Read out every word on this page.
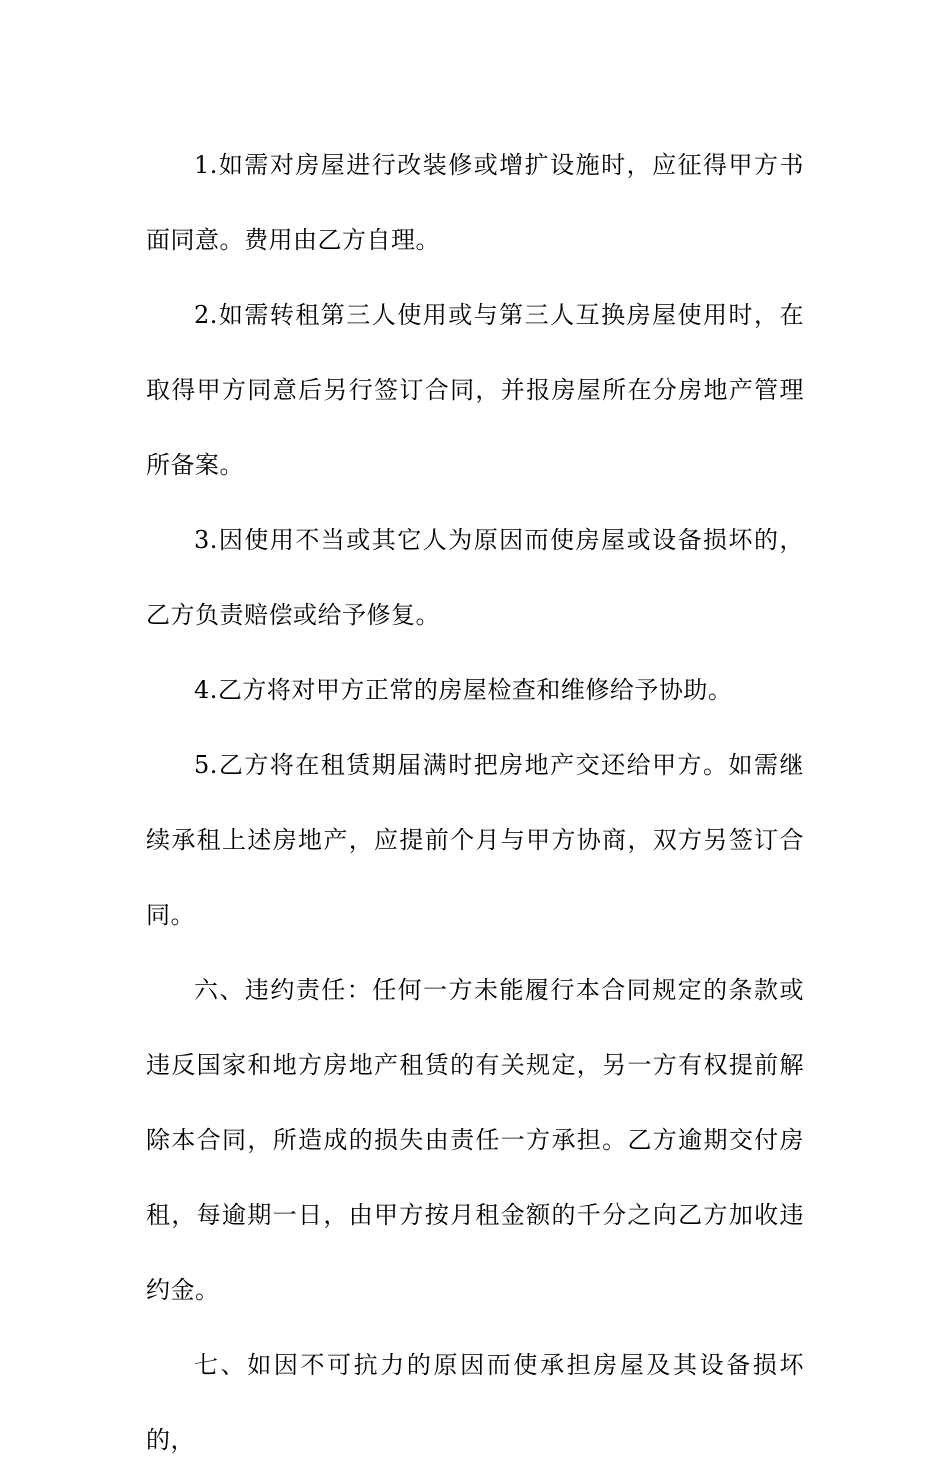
1.如需对房屋进行改装修或增扩设施时，应征得甲方书面同意。费用由乙方自理。

2.如需转租第三人使用或与第三人互换房屋使用时，在取得甲方同意后另行签订合同，并报房屋所在分房地产管理所备案。

3.因使用不当或其它人为原因而使房屋或设备损坏的，乙方负责赔偿或给予修复。

4.乙方将对甲方正常的房屋检查和维修给予协助。

5.乙方将在租赁期届满时把房地产交还给甲方。如需继续承租上述房地产，应提前个月与甲方协商，双方另签订合同。

六、违约责任：任何一方未能履行本合同规定的条款或违反国家和地方房地产租赁的有关规定，另一方有权提前解除本合同，所造成的损失由责任一方承担。乙方逾期交付房租，每逾期一日，由甲方按月租金额的千分之向乙方加收违约金。

七、如因不可抗力的原因而使承担房屋及其设备损坏的，
